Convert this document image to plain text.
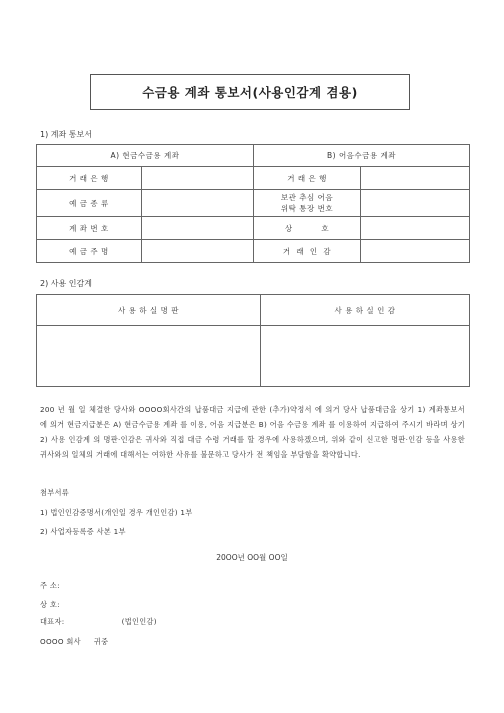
수금용 계좌 통보서(사용인감계 겸용)
1) 계좌 통보서
A) 현금수금용 계좌		B) 어음수금용 계좌	
거 래 은 행		거 래 은 행	
예 금 종 류		보관 추심 어음
위탁 통장 번호	

계 좌 번 호		상          호	
예 금 주 명		거  래  인  감	
2) 사용 인감계
사 용 하 실 명 판	사 용 하 실 인 감

200 년 월 일 체결한 당사와 OOOO회사간의 납품대금 지급에 관한 (추가)약정서 에 의거 당사 납품대금을 상기 1) 계좌통보서 에 의거 현금지급분은 A) 현금수금용 계좌 를 이용, 어음 지급분은 B) 어음 수금용 계좌 를 이용하여 지급하여 주시기 바라며 상기 2) 사용 인감계 의 명판·인감은 귀사와 직접 대금 수령 거래를 할 경우에 사용하겠으며, 위와 같이 신고한 명판·인감 등을 사용한 귀사와의 일체의 거래에 대해서는 여하한 사유를 불문하고 당사가 전 책임을 부담함을 확약합니다.
첨부서류
1) 법인인감증명서(개인일 경우 개인인감) 1부
2) 사업자등록증 사본 1부
20OO년 OO월 OO일
주 소:
상 호:
대표자:	(법인인감)
OOOO 회사     귀중
